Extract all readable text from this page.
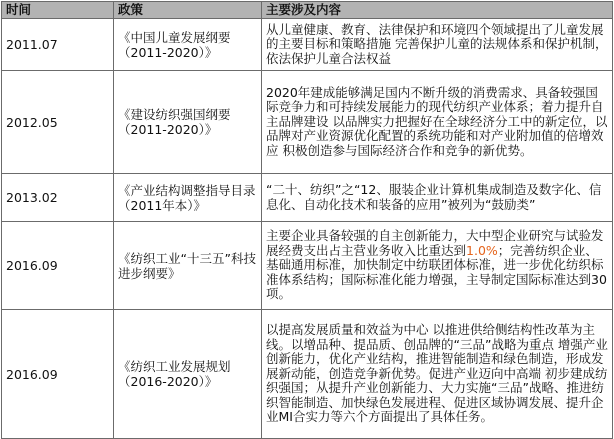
时间	政策	主要涉及内容
2011.07	《中国儿童发展纲要（2011-2020）》	从儿童健康、教育、法律保护和环境四个领域提出了儿童发展的主要目标和策略措施 完善保护儿童的法规体系和保护机制，依法保护儿童合法权益
2012.05	《建设纺织强国纲要（2011-2020）》	2020年建成能够满足国内不断升级的消费需求、具备较强国际竞争力和可持续发展能力的现代纺织产业体系；着力提升自主品牌建设 以品牌实力把握好在全球经济分工中的新定位，以品牌对产业资源优化配置的系统功能和对产业附加值的倍增效应 积极创造参与国际经济合作和竞争的新优势。
2013.02	《产业结构调整指导目录（2011年本）》	“二十、纺织”之“12、服装企业计算机集成制造及数字化、信息化、自动化技术和装备的应用”被列为“鼓励类”
2016.09	《纺织工业“十三五”科技进步纲要》	主要企业具备较强的自主创新能力，大中型企业研究与试验发展经费支出占主营业务收入比重达到1.0%；完善纺织企业、基础通用标准，加快制定中纺联团体标准，进一步优化纺织标准体系结构；国际标准化能力增强，主导制定国际标准达到30项。
2016.09	《纺织工业发展规划（2016-2020）》	以提高发展质量和效益为中心 以推进供给侧结构性改革为主线。以增品种、提品质、创品牌的“三品”战略为重点 增强产业创新能力，优化产业结构，推进智能制造和绿色制造，形成发展新动能，创造竞争新优势。促进产业迈向中高端 初步建成纺织强国；从提升产业创新能力、大力实施“三品”战略、推进纺织智能制造、加快绿色发展进程、促进区域协调发展、提升企业MI合实力等六个方面提出了具体任务。
